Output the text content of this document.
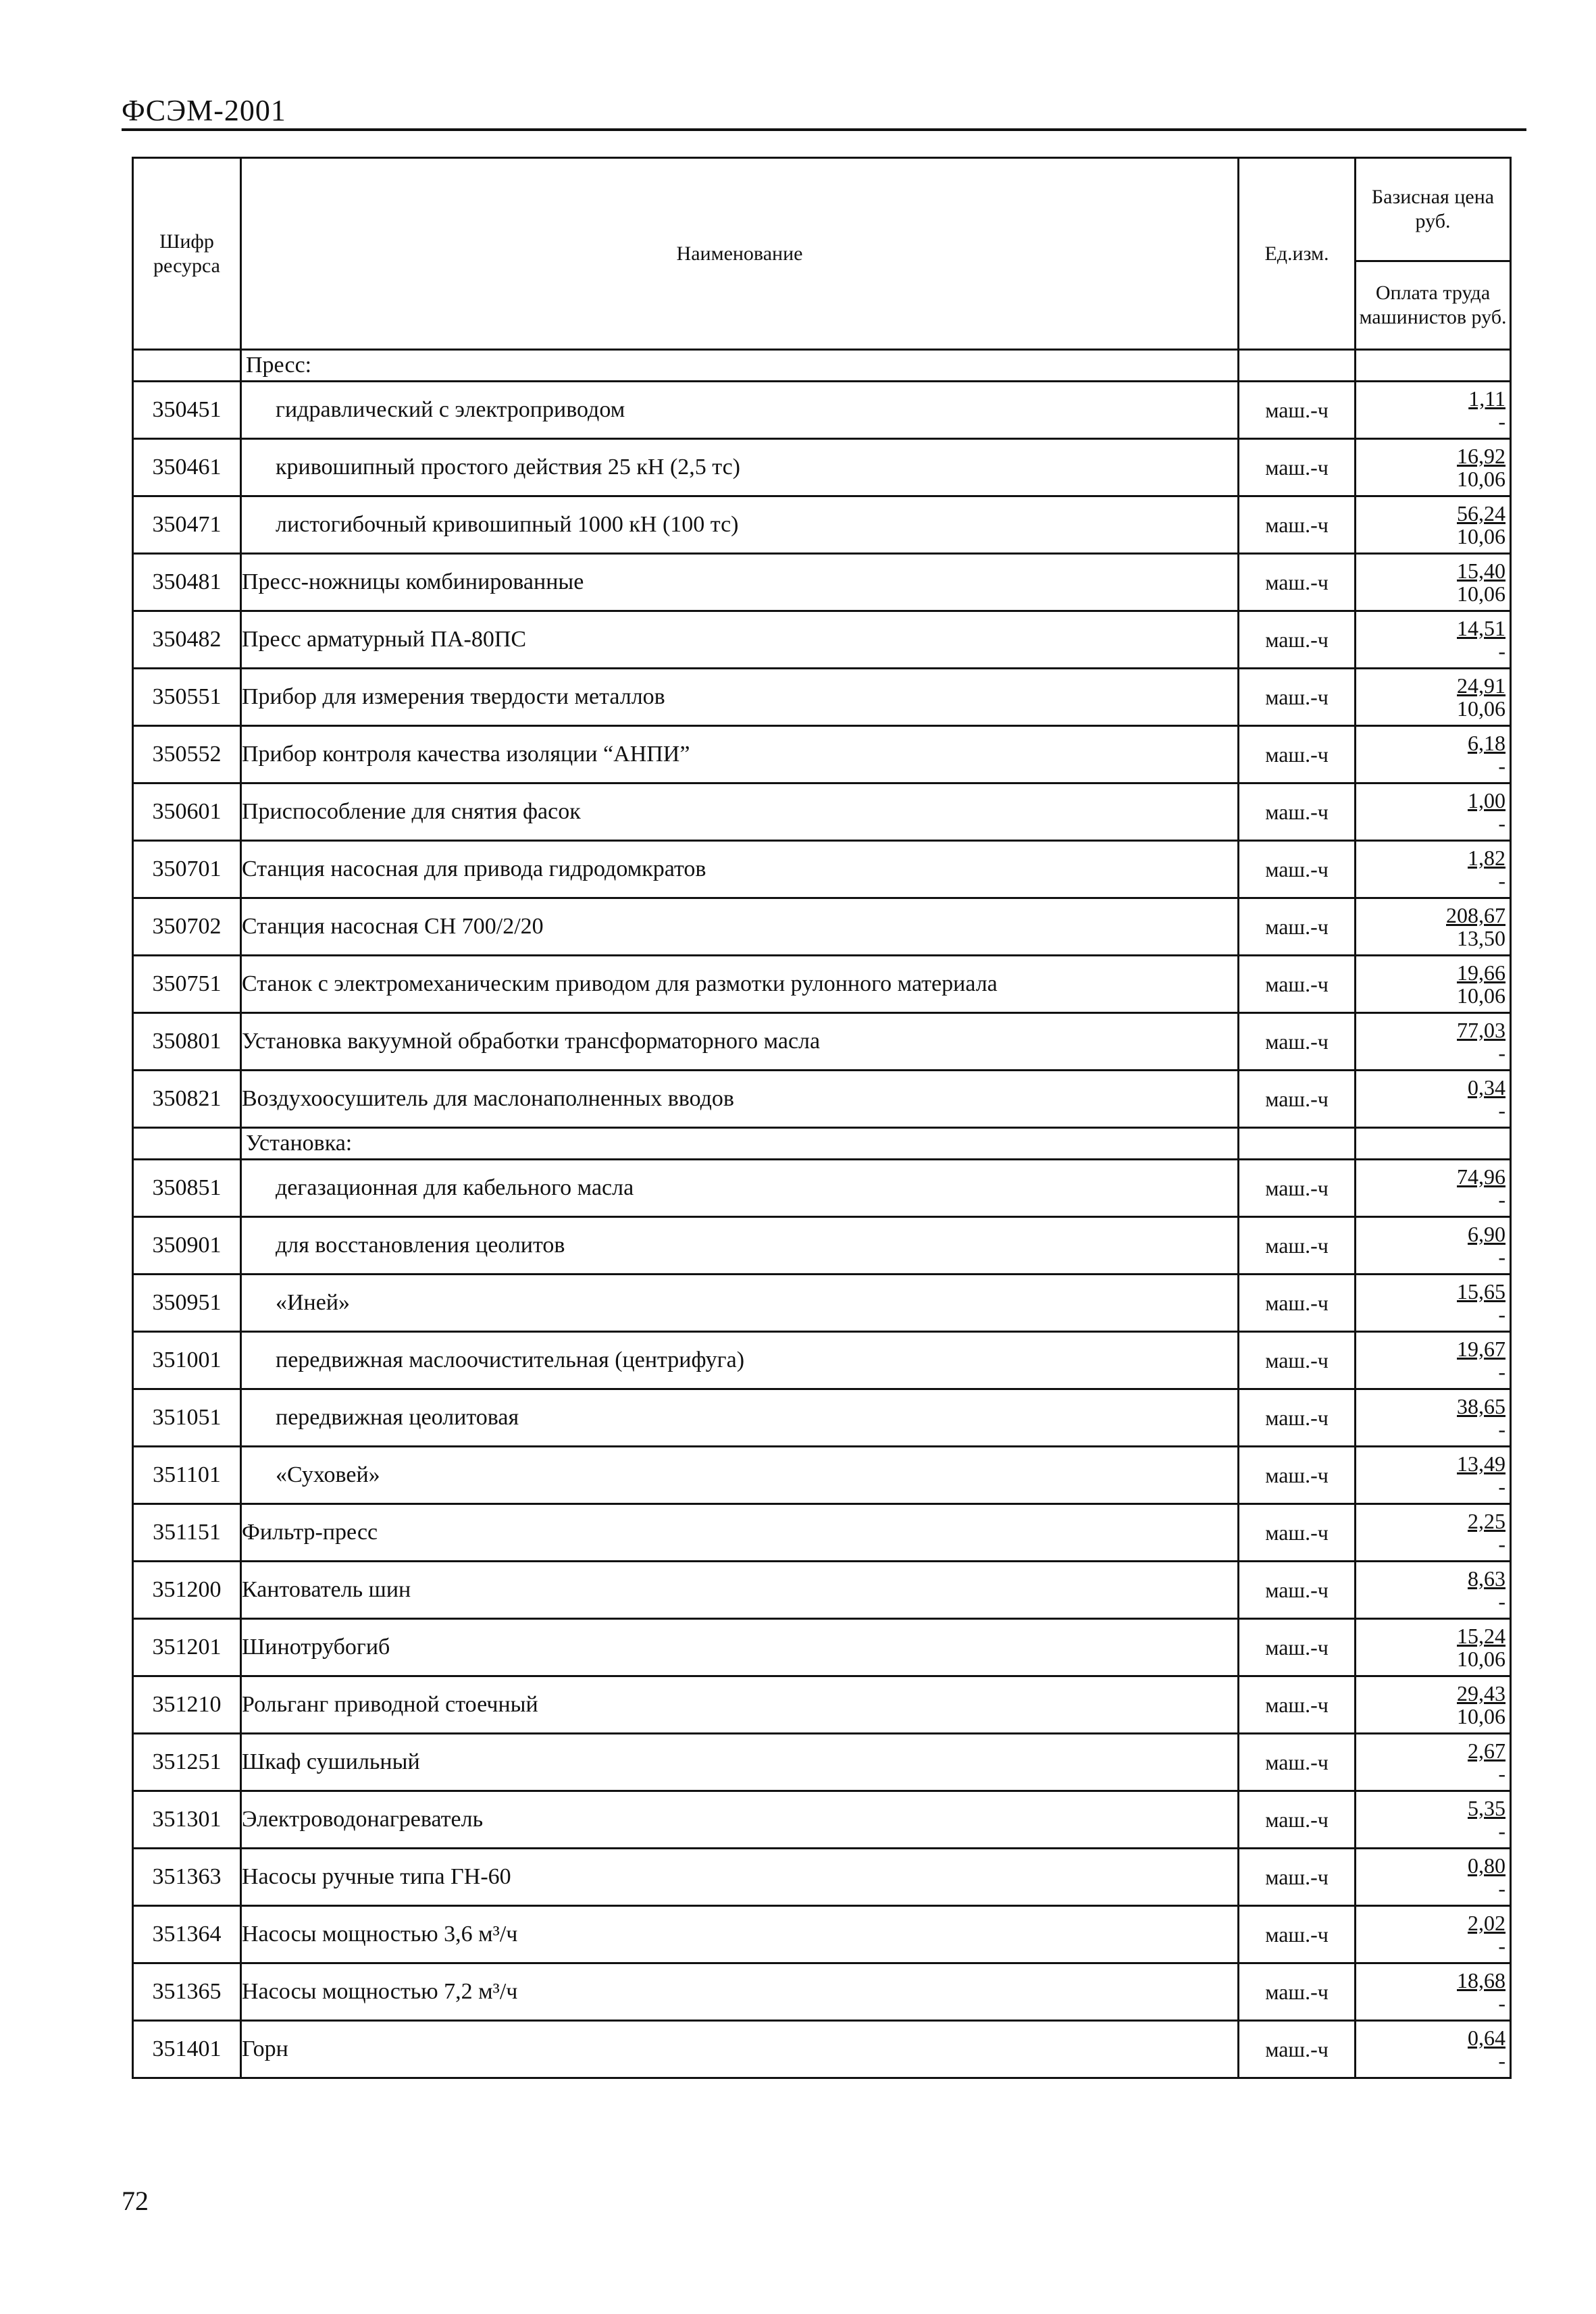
ФСЭМ-2001
Шифр ресурса	Наименование	Ед.изм.	Базисная цена руб.
			Оплата труда машинистов руб.
	Пресс:		
350451	гидравлический с электроприводом	маш.-ч	1,11
-

350461	кривошипный простого действия 25 кН (2,5 тс)	маш.-ч	16,92
10,06

350471	листогибочный кривошипный 1000 кН (100 тс)	маш.-ч	56,24
10,06

350481	Пресс-ножницы комбинированные	маш.-ч	15,40
10,06

350482	Пресс арматурный ПА-80ПС	маш.-ч	14,51
-

350551	Прибор для измерения твердости металлов	маш.-ч	24,91
10,06

350552	Прибор контроля качества изоляции “АНПИ”	маш.-ч	6,18
-

350601	Приспособление для снятия фасок	маш.-ч	1,00
-

350701	Станция насосная для привода гидродомкратов	маш.-ч	1,82
-

350702	Станция насосная СН 700/2/20	маш.-ч	208,67
13,50

350751	Станок с электромеханическим приводом для размотки рулонного материала	маш.-ч	19,66
10,06

350801	Установка вакуумной обработки трансформаторного масла	маш.-ч	77,03
-

350821	Воздухоосушитель для маслонаполненных вводов	маш.-ч	0,34
-

	Установка:		
350851	дегазационная для кабельного масла	маш.-ч	74,96
-

350901	для восстановления цеолитов	маш.-ч	6,90
-

350951	«Иней»	маш.-ч	15,65
-

351001	передвижная маслоочистительная (центрифуга)	маш.-ч	19,67
-

351051	передвижная цеолитовая	маш.-ч	38,65
-

351101	«Суховей»	маш.-ч	13,49
-

351151	Фильтр-пресс	маш.-ч	2,25
-

351200	Кантователь шин	маш.-ч	8,63
-

351201	Шинотрубогиб	маш.-ч	15,24
10,06

351210	Рольганг приводной стоечный	маш.-ч	29,43
10,06

351251	Шкаф сушильный	маш.-ч	2,67
-

351301	Электроводонагреватель	маш.-ч	5,35
-

351363	Насосы ручные типа ГН-60	маш.-ч	0,80
-

351364	Насосы мощностью 3,6 м³/ч	маш.-ч	2,02
-

351365	Насосы мощностью 7,2 м³/ч	маш.-ч	18,68
-

351401	Горн	маш.-ч	0,64
-
72
